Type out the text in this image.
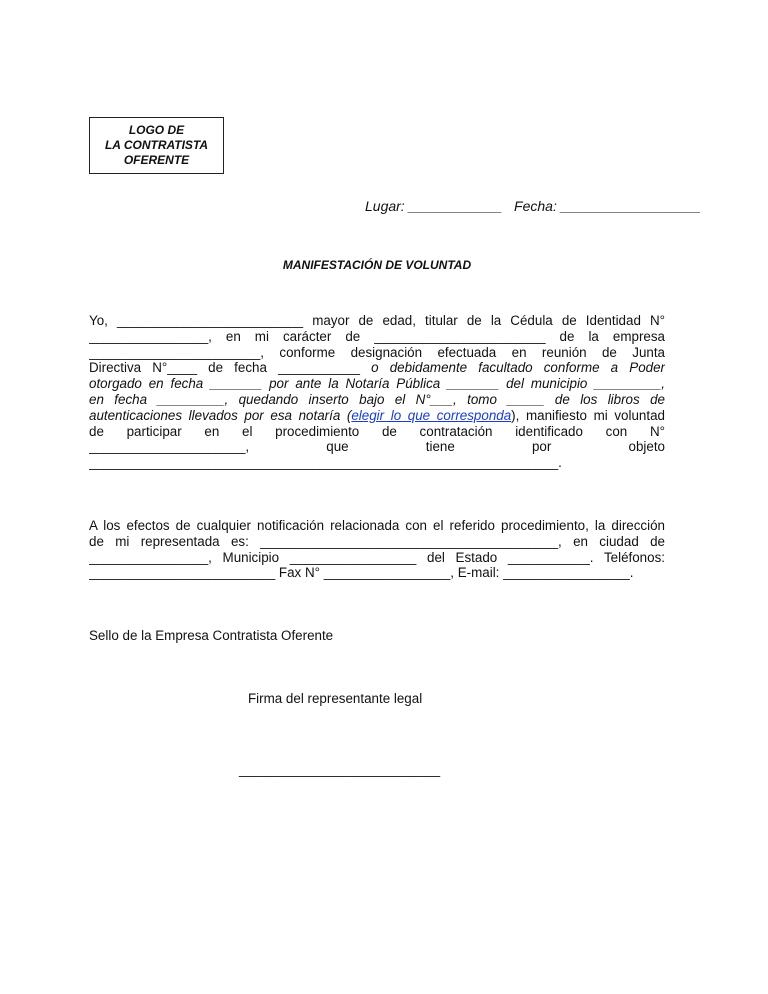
LOGO DE
LA CONTRATISTA
OFERENTE
Lugar: ____________ Fecha: __________________
MANIFESTACIÓN DE VOLUNTAD
Yo, _________________________ mayor de edad, titular de la Cédula de Identidad N°
________________, en mi carácter de _______________________ de la empresa
_______________________, conforme designación efectuada en reunión de Junta
Directiva N°____ de fecha ___________ o debidamente facultado conforme a Poder
otorgado en fecha _______ por ante la Notaría Pública _______ del municipio _________,
en fecha _________, quedando inserto bajo el N°___, tomo _____ de los libros de
autenticaciones llevados por esa notaría (elegir lo que corresponda), manifiesto mi voluntad
de participar en el procedimiento de contratación identificado con N°
_____________________, que tiene por objeto
_______________________________________________________________.
A los efectos de cualquier notificación relacionada con el referido procedimiento, la dirección
de mi representada es: ________________________________________, en ciudad de
________________, Municipio _________________ del Estado ___________. Teléfonos:
_________________________ Fax N° _________________, E-mail: _________________.
Sello de la Empresa Contratista Oferente
Firma del representante legal
___________________________
